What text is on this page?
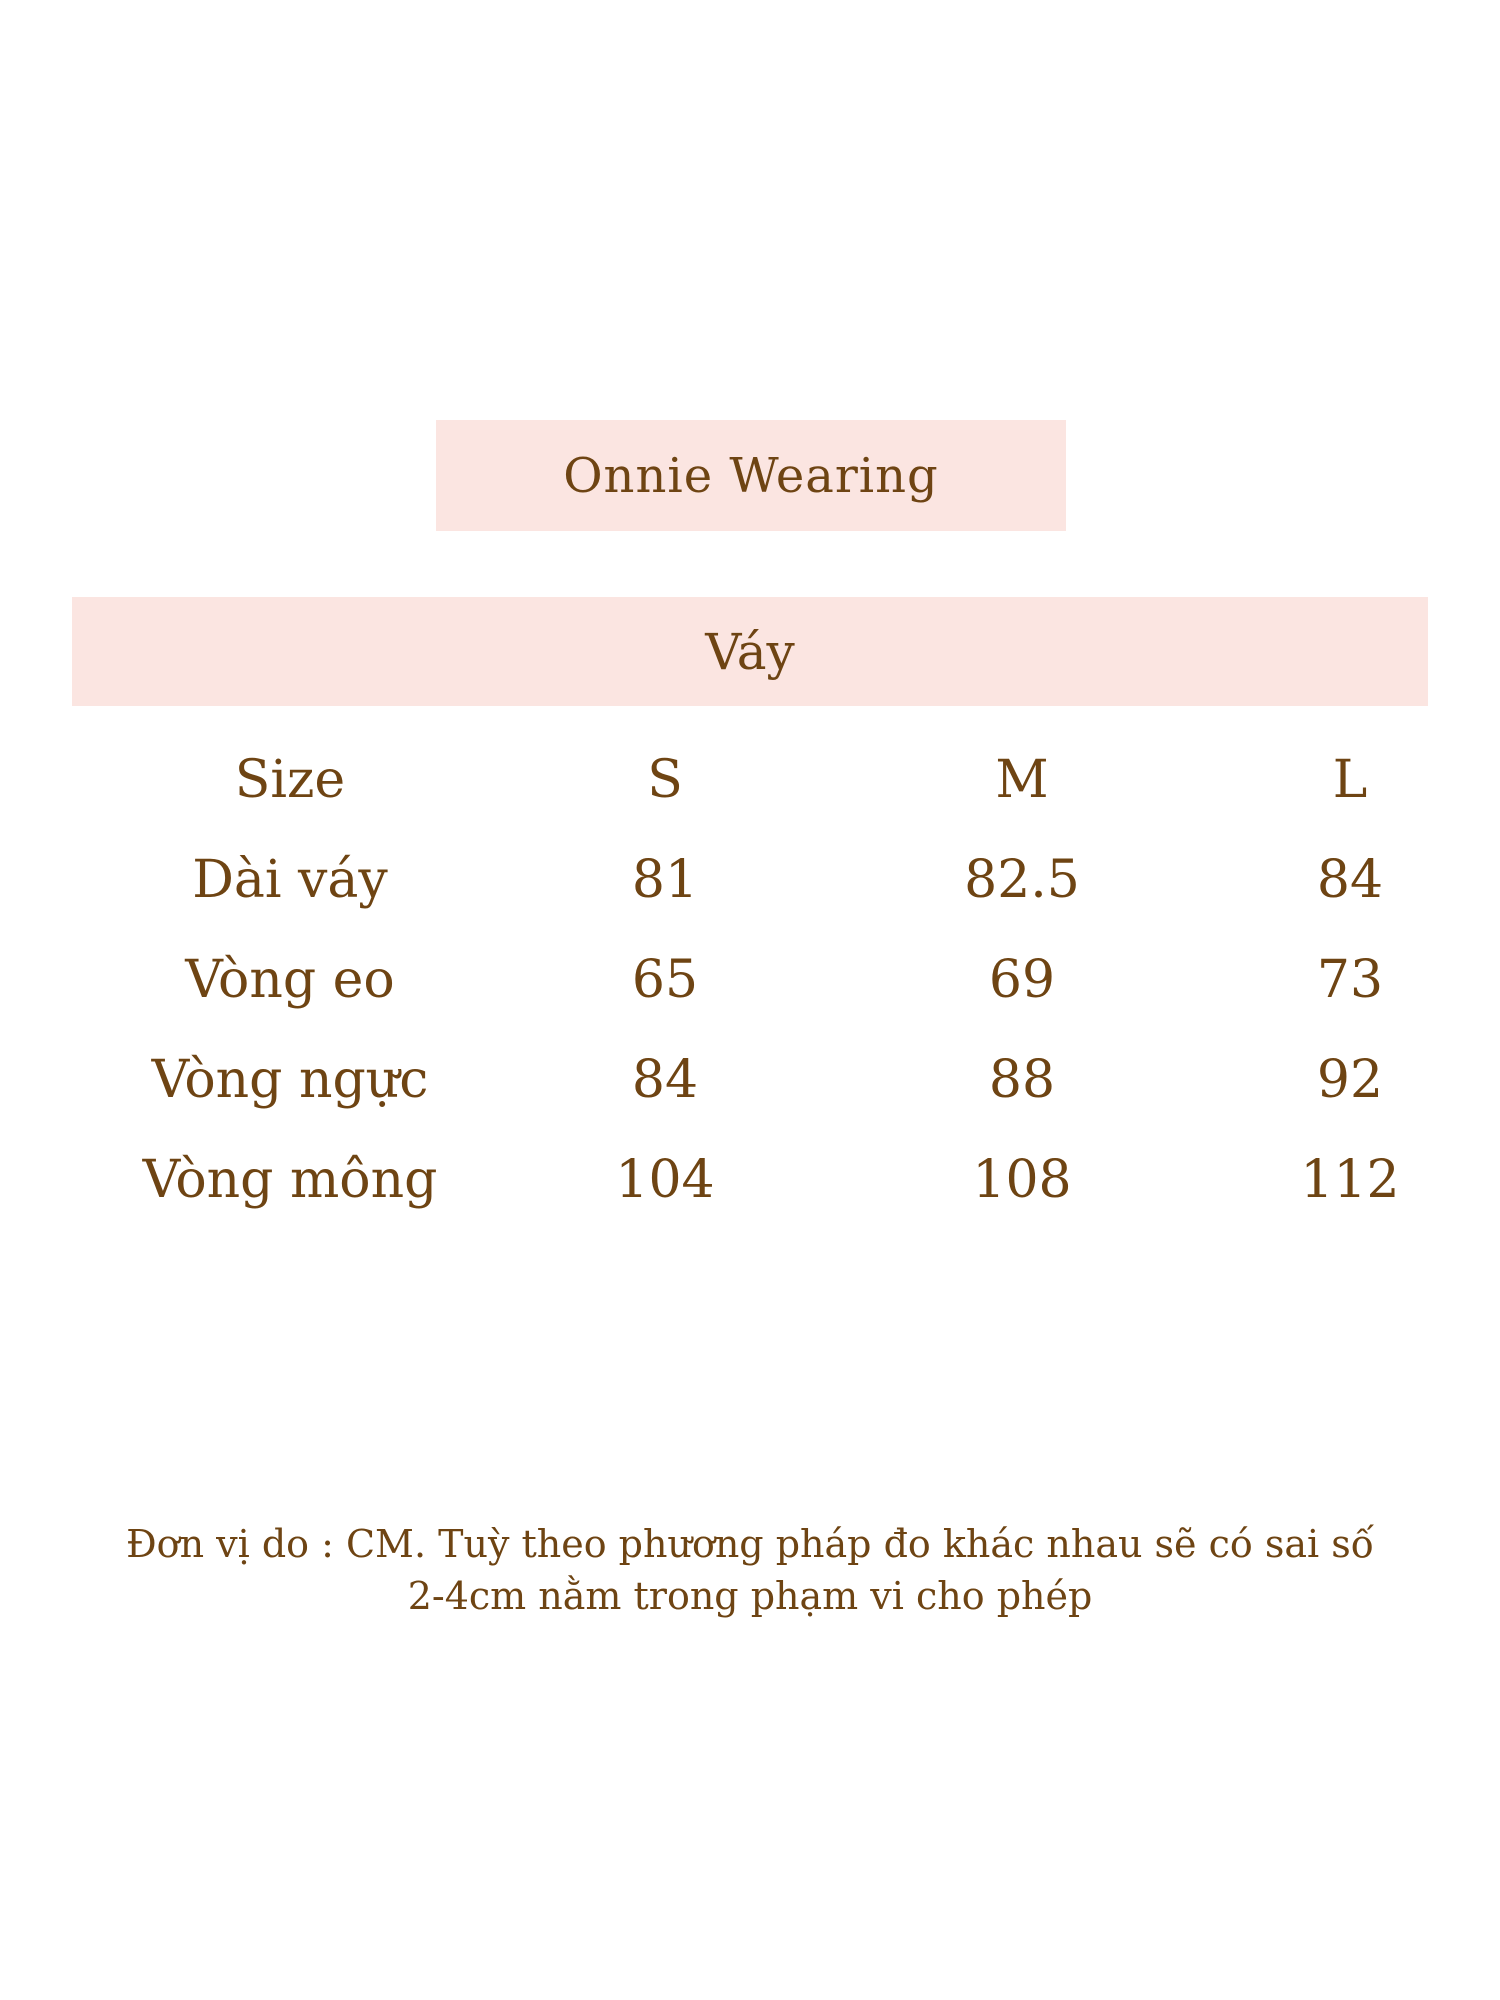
Onnie Wearing
Váy
Size	S	M	L
Dài váy	81	82.5	84
Vòng eo	65	69	73
Vòng ngực	84	88	92
Vòng mông	104	108	112
Đơn vị do : CM. Tuỳ theo phương pháp đo khác nhau sẽ có sai số
2-4cm nằm trong phạm vi cho phép
